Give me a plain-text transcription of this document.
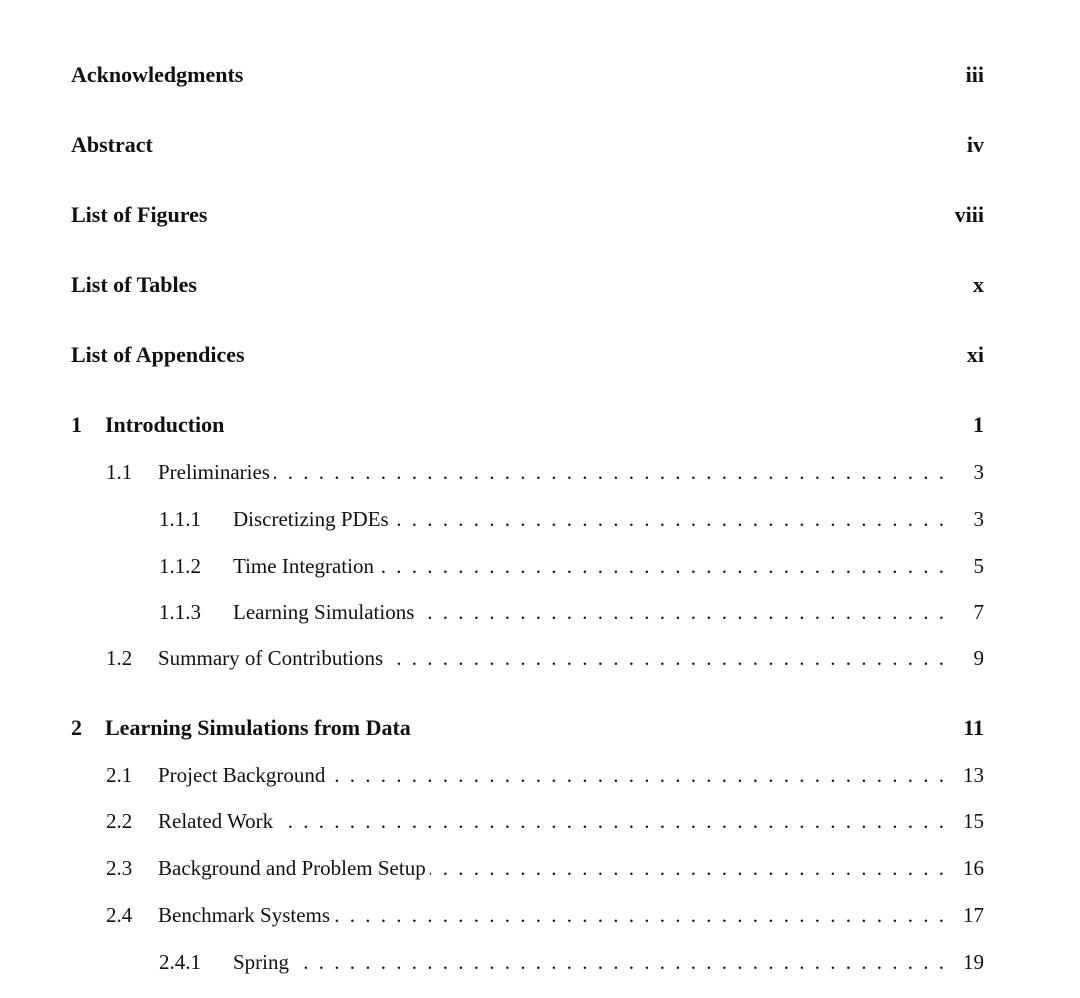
Acknowledgments	iii
Abstract	iv
List of Figures	viii
List of Tables	x
List of Appendices	xi
1	Introduction	1
1.1	Preliminaries . . .	3
1.1.1	Discretizing PDEs . . .	3
1.1.2	Time Integration . . .	5
1.1.3	Learning Simulations . . .	7
1.2	Summary of Contributions . . .	9
2	Learning Simulations from Data	11
2.1	Project Background . . .	13
2.2	Related Work . . .	15
2.3	Background and Problem Setup . . .	16
2.4	Benchmark Systems . . .	17
2.4.1	Spring . . .	19
